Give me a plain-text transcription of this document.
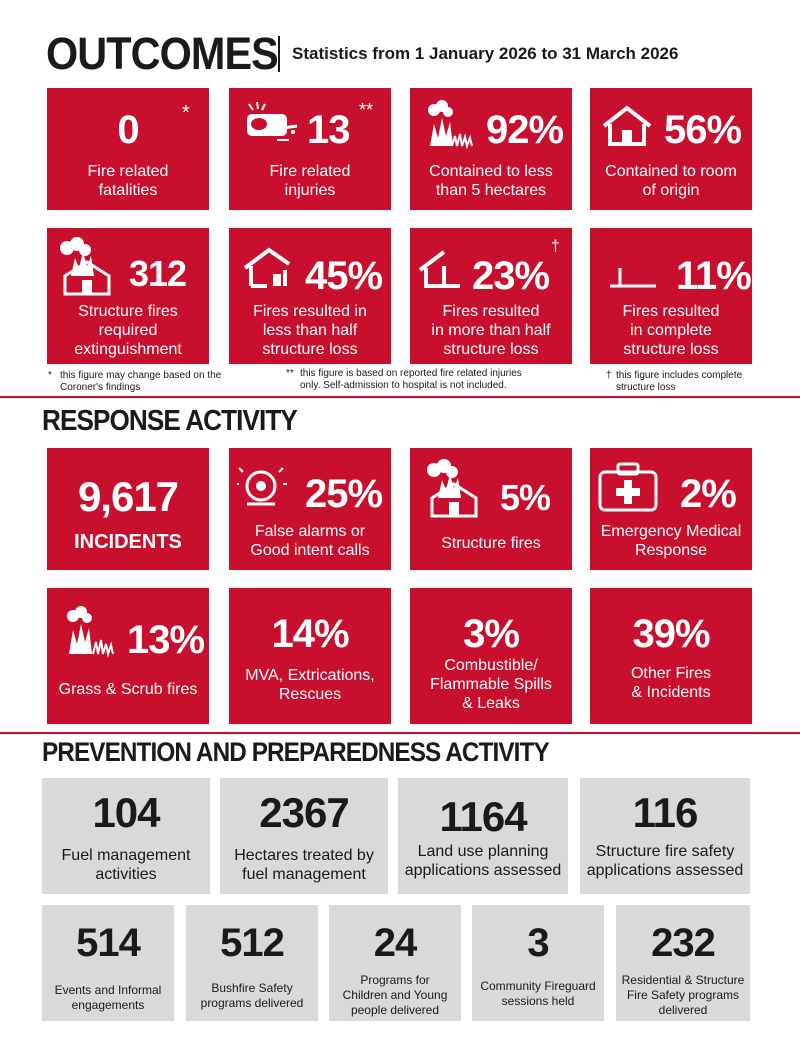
OUTCOMES Statistics from 1 January 2026 to 31 March 2026
0	*
Fire related
fatalities
13 **
Fire related
injuries
92%
Contained to less
than 5 hectares
56%
Contained to room
of origin
312
Structure fires
required
extinguishment
45%
Fires resulted in
less than half
structure loss
23%
†
Fires resulted
in more than half
structure loss
11%
Fires resulted
in complete
structure loss
* this figure may change based on the
Coroner's findings
** this figure is based on reported fire related injuries
only. Self-admission to hospital is not included.
† this figure includes complete
structure loss
RESPONSE ACTIVITY
9,617
INCIDENTS
25%
False alarms or
Good intent calls
5%
Structure fires
2%
Emergency Medical
Response
13%
Grass & Scrub fires
14%
MVA, Extrications,
Rescues
3%
Combustible/
Flammable Spills
& Leaks
39%
Other Fires
& Incidents
PREVENTION AND PREPAREDNESS ACTIVITY
104
Fuel management
activities
2367
Hectares treated by
fuel management
1164
Land use planning
applications assessed
116
Structure fire safety
applications assessed
514
Events and Informal
engagements
512
Bushfire Safety
programs delivered
24
Programs for
Children and Young
people delivered
3
Community Fireguard
sessions held
232
Residential & Structure
Fire Safety programs
delivered
